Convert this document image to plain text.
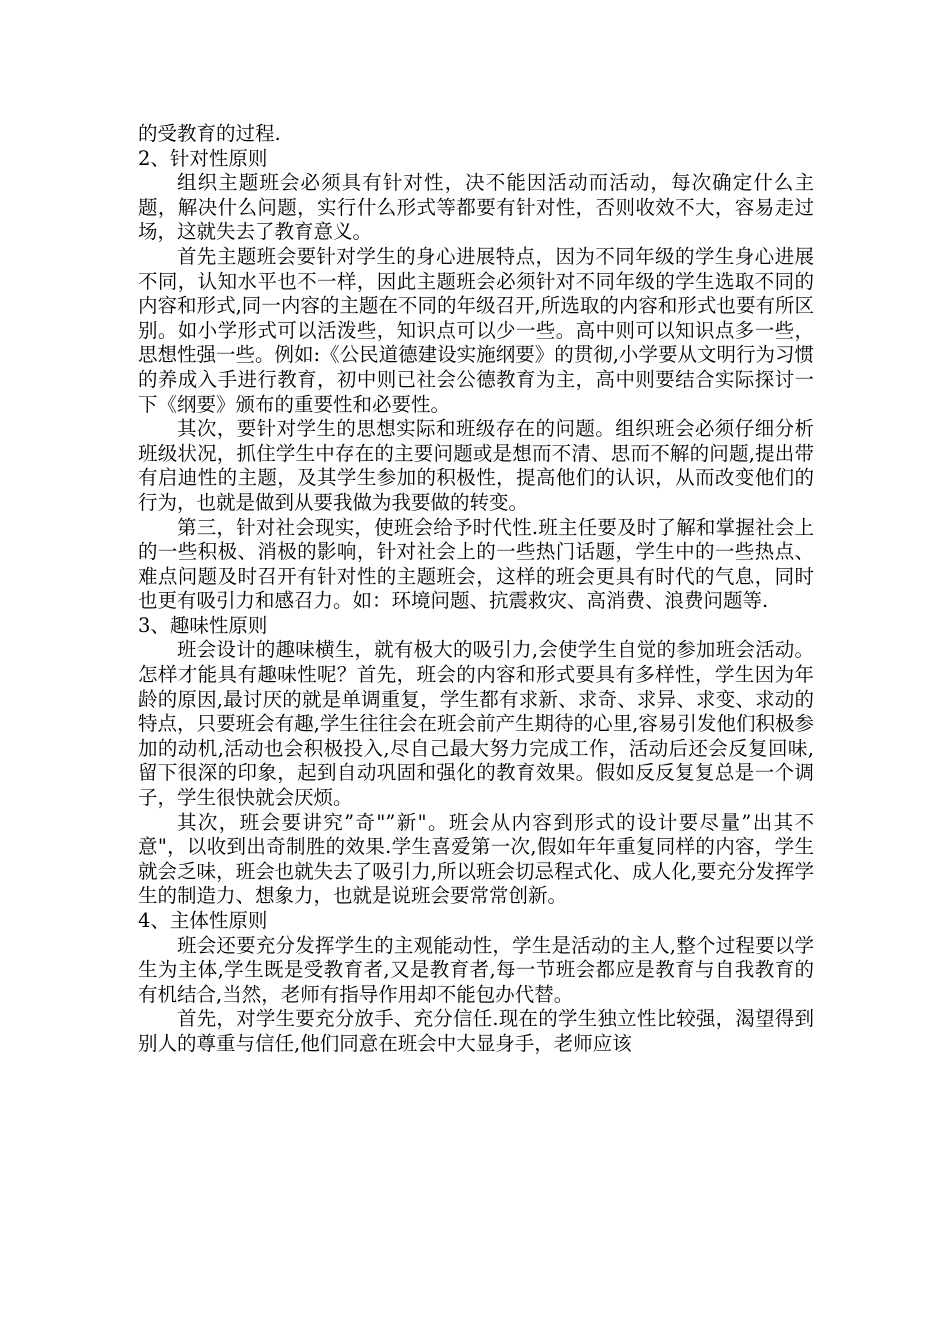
的受教育的过程.

2、针对性原则

组织主题班会必须具有针对性，决不能因活动而活动，每次确定什么主题，解决什么问题，实行什么形式等都要有针对性，否则收效不大，容易走过场，这就失去了教育意义。

首先主题班会要针对学生的身心进展特点，因为不同年级的学生身心进展不同，认知水平也不一样，因此主题班会必须针对不同年级的学生选取不同的内容和形式,同一内容的主题在不同的年级召开,所选取的内容和形式也要有所区别。如小学形式可以活泼些，知识点可以少一些。高中则可以知识点多一些，思想性强一些。例如:《公民道德建设实施纲要》的贯彻,小学要从文明行为习惯的养成入手进行教育，初中则已社会公德教育为主，高中则要结合实际探讨一下《纲要》颁布的重要性和必要性。

其次，要针对学生的思想实际和班级存在的问题。组织班会必须仔细分析班级状况，抓住学生中存在的主要问题或是想而不清、思而不解的问题,提出带有启迪性的主题，及其学生参加的积极性，提高他们的认识，从而改变他们的行为，也就是做到从要我做为我要做的转变。

第三，针对社会现实，使班会给予时代性.班主任要及时了解和掌握社会上的一些积极、消极的影响，针对社会上的一些热门话题，学生中的一些热点、难点问题及时召开有针对性的主题班会，这样的班会更具有时代的气息，同时也更有吸引力和感召力。如：环境问题、抗震救灾、高消费、浪费问题等.

3、趣味性原则

班会设计的趣味横生，就有极大的吸引力,会使学生自觉的参加班会活动。怎样才能具有趣味性呢？首先，班会的内容和形式要具有多样性，学生因为年龄的原因,最讨厌的就是单调重复，学生都有求新、求奇、求异、求变、求动的特点，只要班会有趣,学生往往会在班会前产生期待的心里,容易引发他们积极参加的动机,活动也会积极投入,尽自己最大努力完成工作，活动后还会反复回味,留下很深的印象，起到自动巩固和强化的教育效果。假如反反复复总是一个调子，学生很快就会厌烦。

其次，班会要讲究”奇"”新"。班会从内容到形式的设计要尽量”出其不意"，以收到出奇制胜的效果.学生喜爱第一次,假如年年重复同样的内容，学生就会乏味，班会也就失去了吸引力,所以班会切忌程式化、成人化,要充分发挥学生的制造力、想象力，也就是说班会要常常创新。

4、主体性原则

班会还要充分发挥学生的主观能动性，学生是活动的主人,整个过程要以学生为主体,学生既是受教育者,又是教育者,每一节班会都应是教育与自我教育的有机结合,当然，老师有指导作用却不能包办代替。

首先，对学生要充分放手、充分信任.现在的学生独立性比较强，渴望得到别人的尊重与信任,他们同意在班会中大显身手，老师应该
